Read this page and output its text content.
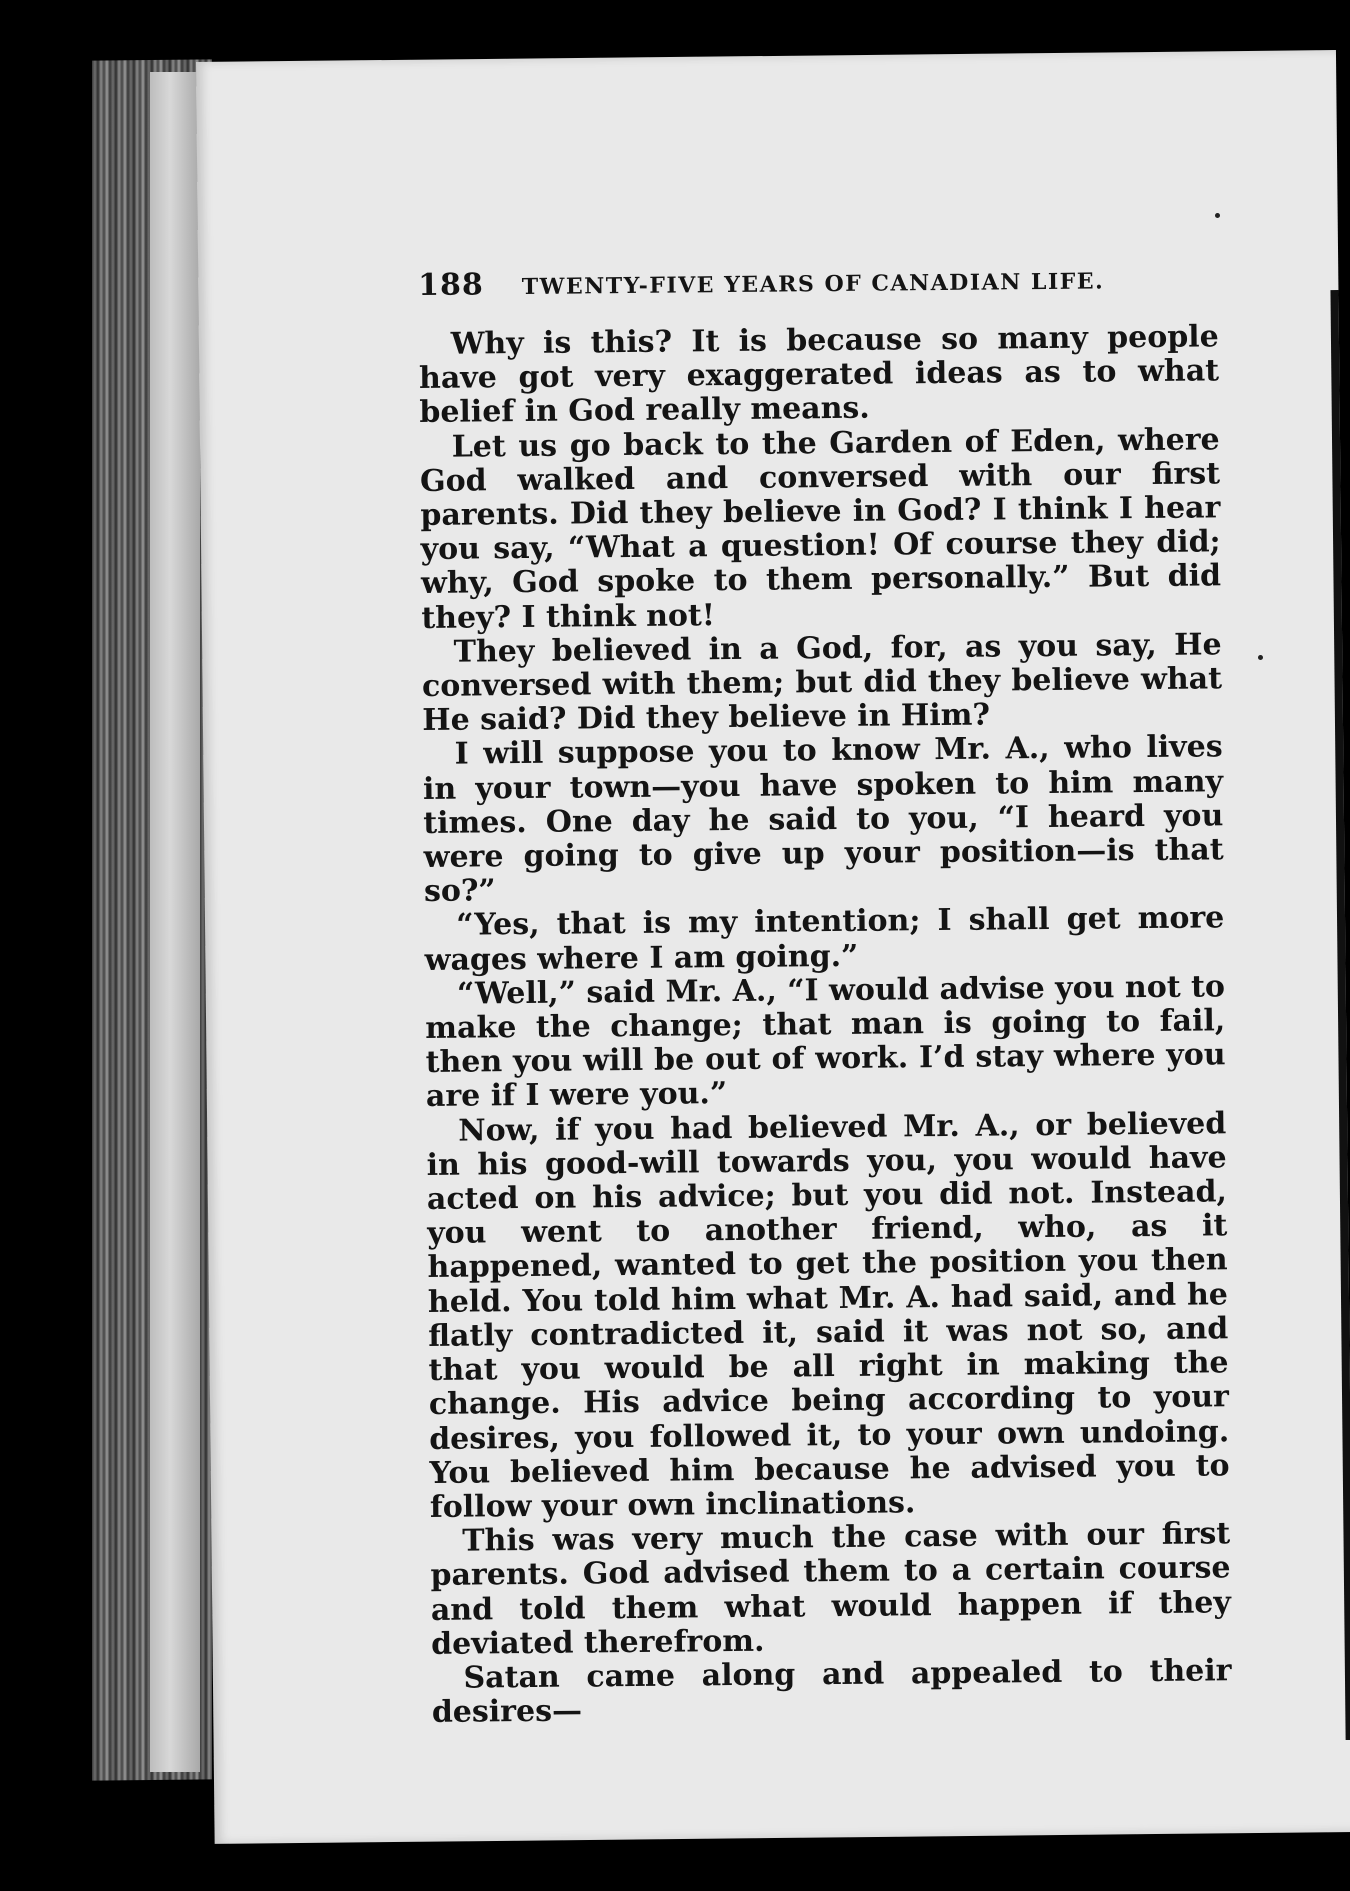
188 TWENTY-FIVE YEARS OF CANADIAN LIFE.

Why is this? It is because so many people have got very exaggerated ideas as to what belief in God really means.

Let us go back to the Garden of Eden, where God walked and conversed with our first parents. Did they believe in God? I think I hear you say, “What a question! Of course they did; why, God spoke to them personally.” But did they? I think not!

They believed in a God, for, as you say, He conversed with them; but did they believe what He said? Did they believe in Him?

I will suppose you to know Mr. A., who lives in your town—you have spoken to him many times. One day he said to you, “I heard you were going to give up your position—is that so?”

“Yes, that is my intention; I shall get more wages where I am going.”

“Well,” said Mr. A., “I would advise you not to make the change; that man is going to fail, then you will be out of work. I’d stay where you are if I were you.”

Now, if you had believed Mr. A., or believed in his good-will towards you, you would have acted on his advice; but you did not. Instead, you went to another friend, who, as it happened, wanted to get the position you then held. You told him what Mr. A. had said, and he flatly contradicted it, said it was not so, and that you would be all right in making the change. His advice being according to your desires, you followed it, to your own undoing. You believed him because he advised you to follow your own inclinations.

This was very much the case with our first parents. God advised them to a certain course and told them what would happen if they deviated therefrom.

Satan came along and appealed to their desires—
